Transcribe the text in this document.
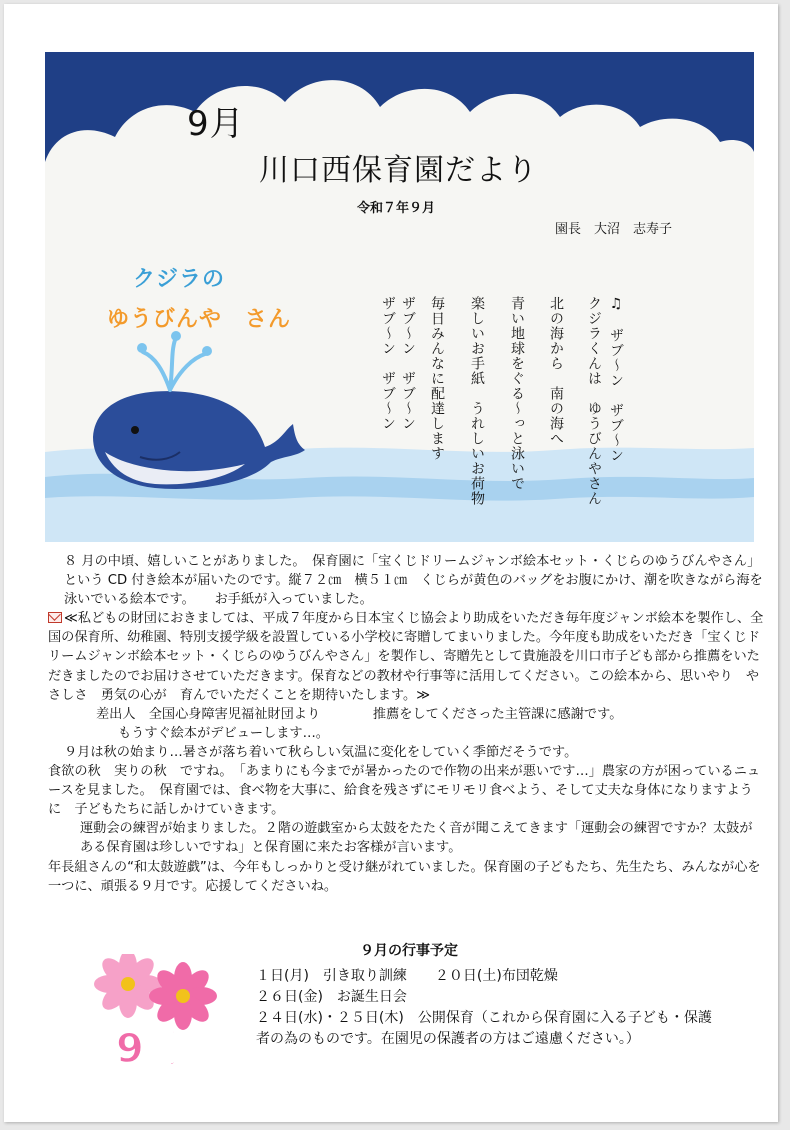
9月
川口西保育園だより
令和７年９月
園長　大沼　志寿子
クジラの
ゆうびんや　さん	♫　ザブ～ン　ザブ～ン
クジラくんは　ゆうびんやさん
北の海から　南の海へ
青い地球をぐる～っと泳いで
楽しいお手紙　うれしいお荷物
毎日みんなに配達します
ザブ～ン　ザブ～ン
ザブ～ン　ザブ～ン

８ 月の中頃、嬉しいことがありました。　保育園に「宝くじドリームジャンボ絵本セット・くじらのゆうびんやさん」という CD 付き絵本が届いたのです。縦７２㎝　横５１㎝　くじらが黄色のバッグをお腹にかけ、潮を吹きながら海を泳いでいる絵本です。　　お手紙が入っていました。

≪私どもの財団におきましては、平成７年度から日本宝くじ協会より助成をいただき毎年度ジャンボ絵本を製作し、全国の保育所、幼稚園、特別支援学級を設置している小学校に寄贈してまいりました。今年度も助成をいただき「宝くじドリームジャンボ絵本セット・くじらのゆうびんやさん」を製作し、寄贈先として貴施設を川口市子ども部から推薦をいただきましたのでお届けさせていただきます。保育などの教材や行事等に活用してください。この絵本から、思いやり　やさしさ　勇気の心が　育んでいただくことを期待いたします。≫

差出人　全国心身障害児福祉財団より　　　　推薦をしてくださった主管課に感謝です。

もうすぐ絵本がデビューします…。

９月は秋の始まり…暑さが落ち着いて秋らしい気温に変化をしていく季節だそうです。

食欲の秋　実りの秋　ですね。　「あまりにも今までが暑かったので作物の出来が悪いです…」農家の方が困っているニュースを見ました。　保育園では、食べ物を大事に、給食を残さずにモリモリ食べよう、そして丈夫な身体になりますように　子どもたちに話しかけていきます。

運動会の練習が始まりました。２階の遊戯室から太鼓をたたく音が聞こえてきます「運動会の練習ですか？太鼓がある保育園は珍しいですね」と保育園に来たお客様が言います。

年長組さんの“和太鼓遊戯”は、今年もしっかりと受け継がれていました。保育園の子どもたち、先生たち、みんなが心を一つに、頑張る９月です。応援してくださいね。

9月
９月の行事予定

１日(月)　引き取り訓練　　２０日(土)布団乾燥

２６日(金)　お誕生日会

２４日(水)・２５日(木)　公開保育（これから保育園に入る子ども・保護

者の為のものです。在園児の保護者の方はご遠慮ください。）
